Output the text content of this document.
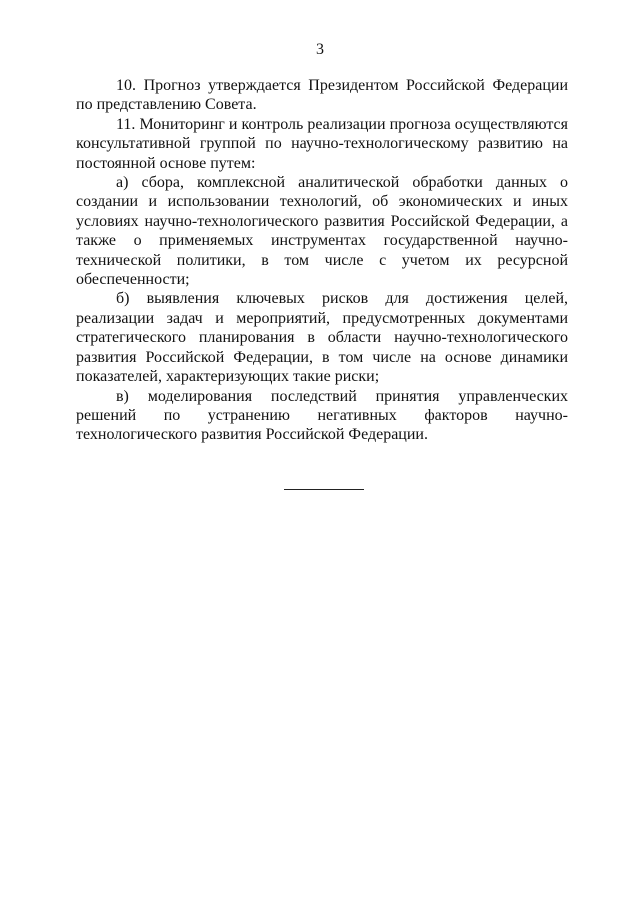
3

10. Прогноз утверждается Президентом Российской Федерации по представлению Совета.

11. Мониторинг и контроль реализации прогноза осуществляются консультативной группой по научно-технологическому развитию на постоянной основе путем:

а) сбора, комплексной аналитической обработки данных о создании и использовании технологий, об экономических и иных условиях научно-технологического развития Российской Федерации, а также о применяемых инструментах государственной научно-технической политики, в том числе с учетом их ресурсной обеспеченности;

б) выявления ключевых рисков для достижения целей, реализации задач и мероприятий, предусмотренных документами стратегического планирования в области научно-технологического развития Российской Федерации, в том числе на основе динамики показателей, характеризующих такие риски;

в) моделирования последствий принятия управленческих решений по устранению негативных факторов научно-технологического развития Российской Федерации.
